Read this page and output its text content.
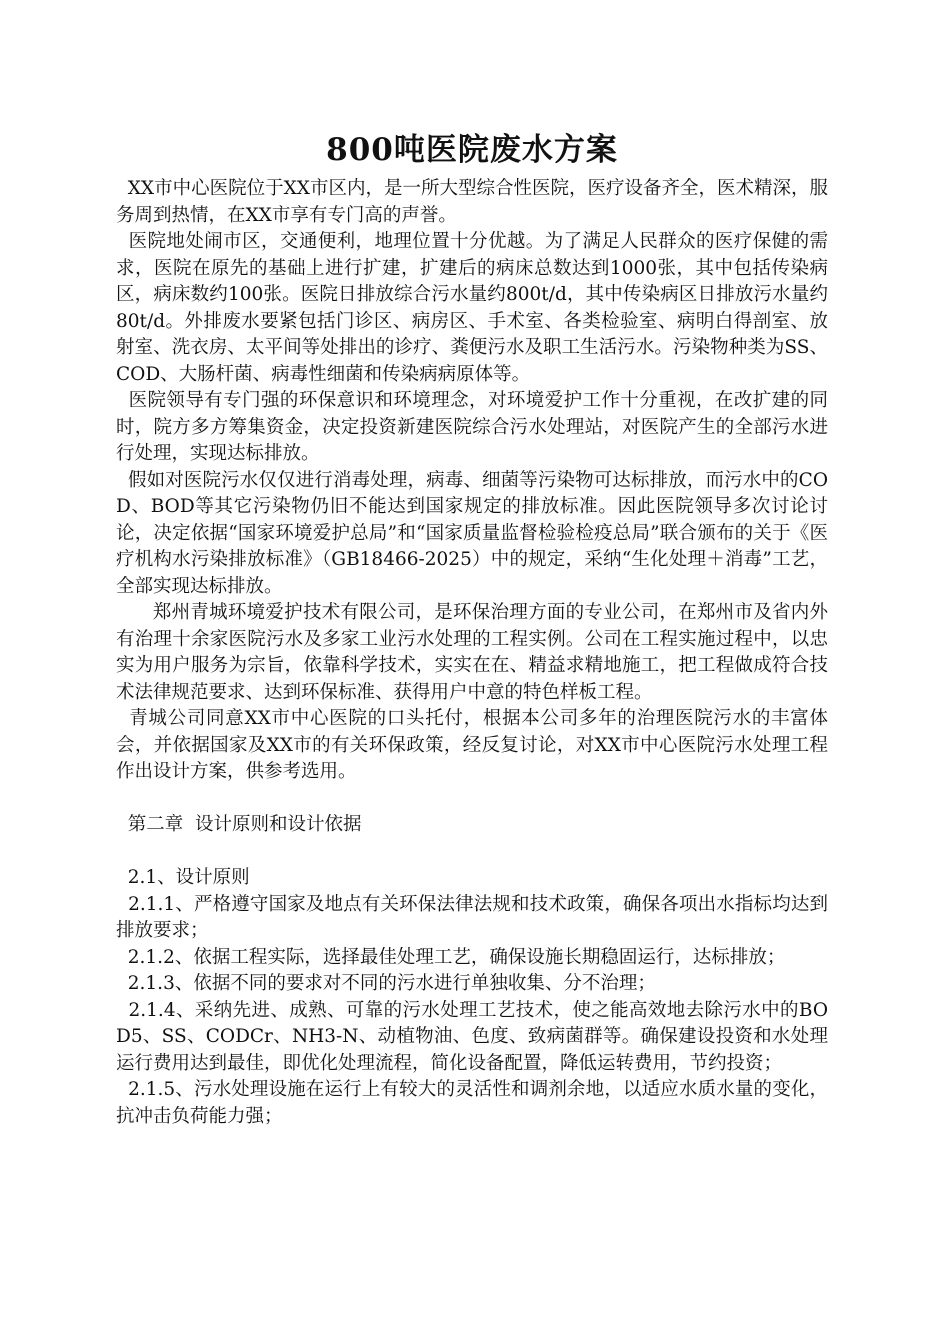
800吨医院废水方案

XX市中心医院位于XX市区内，是一所大型综合性医院，医疗设备齐全，医术精深，服务周到热情，在XX市享有专门高的声誉。

医院地处闹市区，交通便利，地理位置十分优越。为了满足人民群众的医疗保健的需求，医院在原先的基础上进行扩建，扩建后的病床总数达到1000张，其中包括传染病区，病床数约100张。医院日排放综合污水量约800t/d，其中传染病区日排放污水量约80t/d。外排废水要紧包括门诊区、病房区、手术室、各类检验室、病明白得剖室、放射室、洗衣房、太平间等处排出的诊疗、粪便污水及职工生活污水。污染物种类为SS、COD、大肠杆菌、病毒性细菌和传染病病原体等。

医院领导有专门强的环保意识和环境理念，对环境爱护工作十分重视，在改扩建的同时，院方多方筹集资金，决定投资新建医院综合污水处理站，对医院产生的全部污水进行处理，实现达标排放。

假如对医院污水仅仅进行消毒处理，病毒、细菌等污染物可达标排放，而污水中的COD、BOD等其它污染物仍旧不能达到国家规定的排放标准。因此医院领导多次讨论讨论，决定依据“国家环境爱护总局”和“国家质量监督检验检疫总局”联合颁布的关于《医疗机构水污染排放标准》（GB18466-2025）中的规定，采纳“生化处理＋消毒”工艺，全部实现达标排放。

郑州青城环境爱护技术有限公司，是环保治理方面的专业公司，在郑州市及省内外有治理十余家医院污水及多家工业污水处理的工程实例。公司在工程实施过程中，以忠实为用户服务为宗旨，依靠科学技术，实实在在、精益求精地施工，把工程做成符合技术法律规范要求、达到环保标准、获得用户中意的特色样板工程。

青城公司同意XX市中心医院的口头托付，根据本公司多年的治理医院污水的丰富体会，并依据国家及XX市的有关环保政策，经反复讨论，对XX市中心医院污水处理工程作出设计方案，供参考选用。

第二章  设计原则和设计依据

2.1、设计原则

2.1.1、严格遵守国家及地点有关环保法律法规和技术政策，确保各项出水指标均达到排放要求；

2.1.2、依据工程实际，选择最佳处理工艺，确保设施长期稳固运行，达标排放；

2.1.3、依据不同的要求对不同的污水进行单独收集、分不治理；

2.1.4、采纳先进、成熟、可靠的污水处理工艺技术，使之能高效地去除污水中的BOD5、SS、CODCr、NH3-N、动植物油、色度、致病菌群等。确保建设投资和水处理运行费用达到最佳，即优化处理流程，简化设备配置，降低运转费用，节约投资；

2.1.5、污水处理设施在运行上有较大的灵活性和调剂余地，以适应水质水量的变化，抗冲击负荷能力强；
